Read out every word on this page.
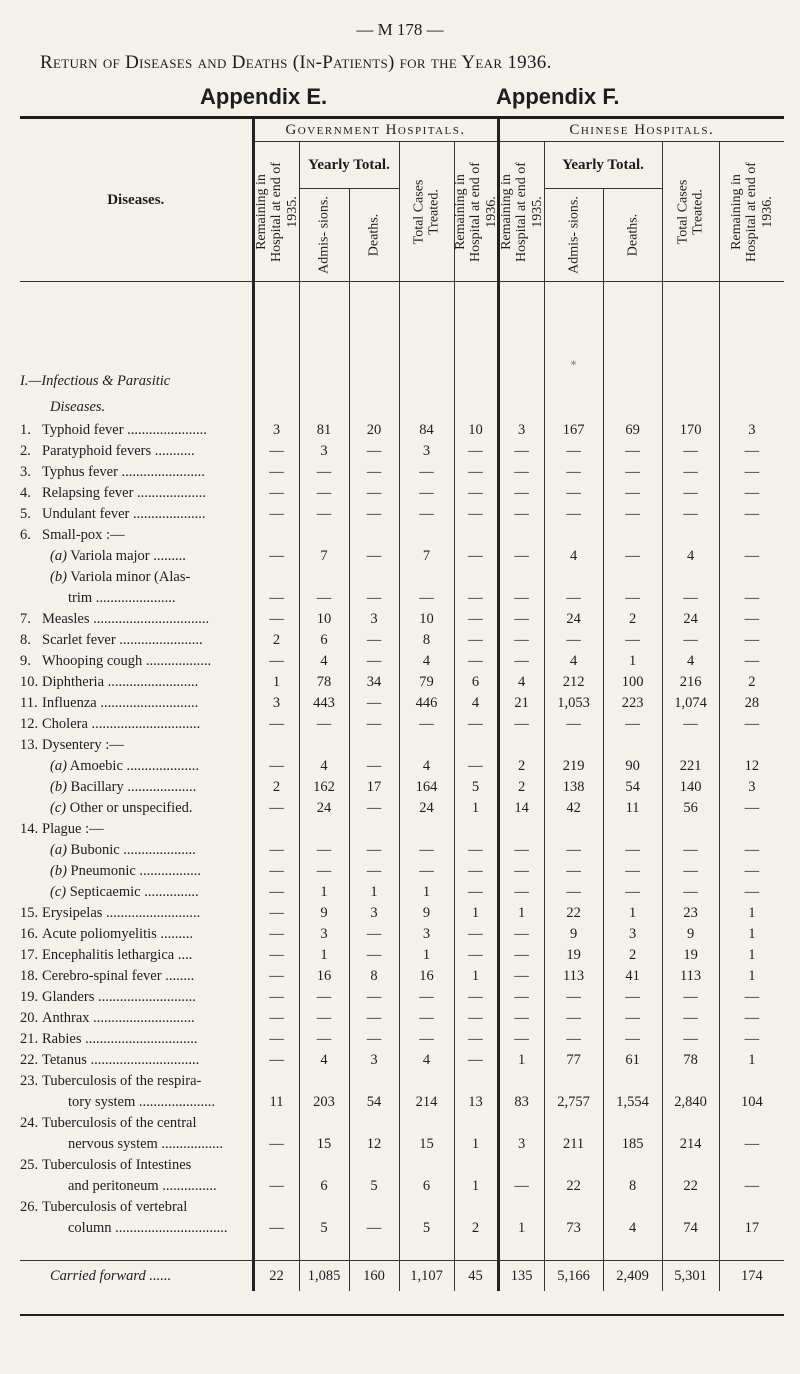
— M 178 —
Return of Diseases and Deaths (In-Patients) for the Year 1936.
Appendix E.	Appendix F.
Diseases.	Government Hospitals.					Chinese Hospitals.				

	Remaining in Hospital at end of 1935.	Yearly Total.		Total Cases Treated.	Remaining in Hospital at end of 1936.	Remaining in Hospital at end of 1935.	Yearly Total.		Total Cases Treated.	Remaining in Hospital at end of 1936.

		Admis- sions.	Deaths.				Admis- sions.	Deaths.		

							⁎			
I.—Infectious & Parasitic										
Diseases.										
1. Typhoid fever ......................	3	81	20	84	10	3	167	69	170	3
2. Paratyphoid fevers ...........	—	3	—	3	—	—	—	—	—	—
3. Typhus fever .......................	—	—	—	—	—	—	—	—	—	—
4. Relapsing fever ...................	—	—	—	—	—	—	—	—	—	—
5. Undulant fever ....................	—	—	—	—	—	—	—	—	—	—
6. Small-pox :—										
(a) Variola major .........	—	7	—	7	—	—	4	—	4	—
(b) Variola minor (Alas-										
trim ......................	—	—	—	—	—	—	—	—	—	—
7. Measles ................................	—	10	3	10	—	—	24	2	24	—
8. Scarlet fever .......................	2	6	—	8	—	—	—	—	—	—
9. Whooping cough ..................	—	4	—	4	—	—	4	1	4	—
10. Diphtheria .........................	1	78	34	79	6	4	212	100	216	2
11. Influenza ...........................	3	443	—	446	4	21	1,053	223	1,074	28
12. Cholera ..............................	—	—	—	—	—	—	—	—	—	—
13. Dysentery :—										
(a) Amoebic ....................	—	4	—	4	—	2	219	90	221	12
(b) Bacillary ...................	2	162	17	164	5	2	138	54	140	3
(c) Other or unspecified.	—	24	—	24	1	14	42	11	56	—
14. Plague :—										
(a) Bubonic ....................	—	—	—	—	—	—	—	—	—	—
(b) Pneumonic .................	—	—	—	—	—	—	—	—	—	—
(c) Septicaemic ...............	—	1	1	1	—	—	—	—	—	—
15. Erysipelas ..........................	—	9	3	9	1	1	22	1	23	1
16. Acute poliomyelitis .........	—	3	—	3	—	—	9	3	9	1
17. Encephalitis lethargica ....	—	1	—	1	—	—	19	2	19	1
18. Cerebro-spinal fever ........	—	16	8	16	1	—	113	41	113	1
19. Glanders ...........................	—	—	—	—	—	—	—	—	—	—
20. Anthrax ............................	—	—	—	—	—	—	—	—	—	—
21. Rabies ...............................	—	—	—	—	—	—	—	—	—	—
22. Tetanus ..............................	—	4	3	4	—	1	77	61	78	1
23. Tuberculosis of the respira-										
tory system .....................	11	203	54	214	13	83	2,757	1,554	2,840	104
24. Tuberculosis of the central										
nervous system .................	—	15	12	15	1	3	211	185	214	—
25. Tuberculosis of Intestines										
and peritoneum ...............	—	6	5	6	1	—	22	8	22	—
26. Tuberculosis of vertebral										
column ...............................	—	5	—	5	2	1	73	4	74	17

Carried forward ......	22	1,085	160	1,107	45	135	5,166	2,409	5,301	174
